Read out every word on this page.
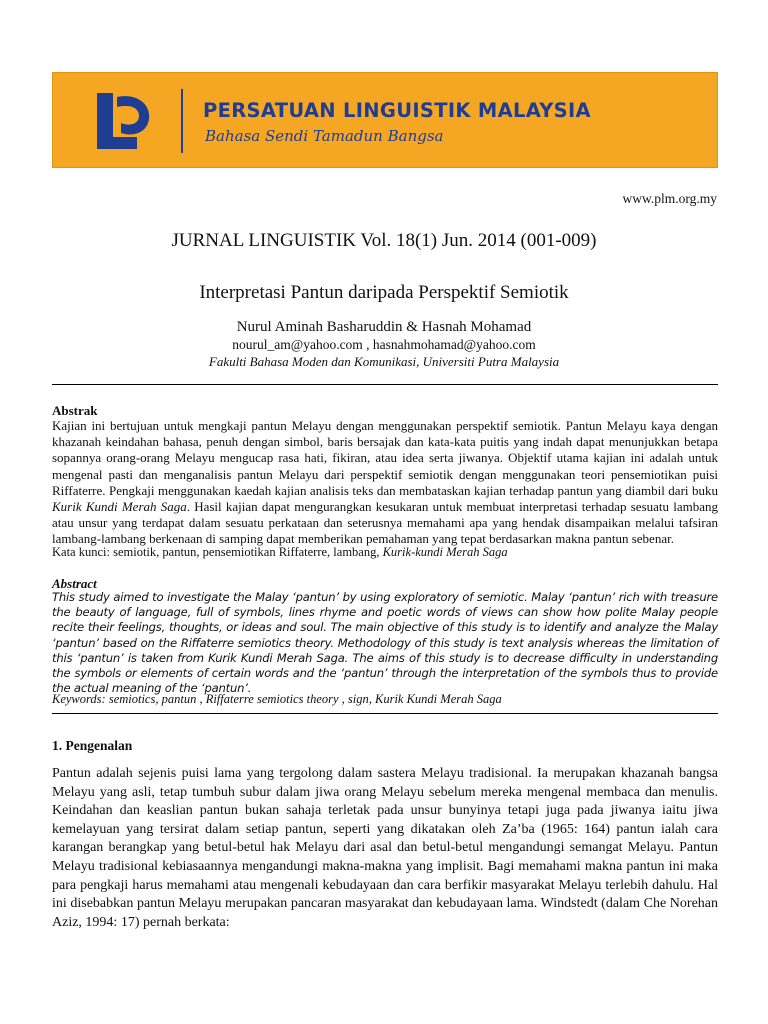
PERSATUAN LINGUISTIK MALAYSIA
Bahasa Sendi Tamadun Bangsa
www.plm.org.my
JURNAL LINGUISTIK Vol. 18(1) Jun. 2014 (001-009)
Interpretasi Pantun daripada Perspektif Semiotik
Nurul Aminah Basharuddin & Hasnah Mohamad
nourul_am@yahoo.com , hasnahmohamad@yahoo.com
Fakulti Bahasa Moden dan Komunikasi, Universiti Putra Malaysia
Abstrak

Kajian ini bertujuan untuk mengkaji pantun Melayu dengan menggunakan perspektif semiotik. Pantun Melayu kaya dengan khazanah keindahan bahasa, penuh dengan simbol, baris bersajak dan kata-kata puitis yang indah dapat menunjukkan betapa sopannya orang-orang Melayu mengucap rasa hati, fikiran, atau idea serta jiwanya. Objektif utama kajian ini adalah untuk mengenal pasti dan menganalisis pantun Melayu dari perspektif semiotik dengan menggunakan teori pensemiotikan puisi Riffaterre. Pengkaji menggunakan kaedah kajian analisis teks dan membataskan kajian terhadap pantun yang diambil dari buku Kurik Kundi Merah Saga. Hasil kajian dapat mengurangkan kesukaran untuk membuat interpretasi terhadap sesuatu lambang atau unsur yang terdapat dalam sesuatu perkataan dan seterusnya memahami apa yang hendak disampaikan melalui tafsiran lambang-lambang berkenaan di samping dapat memberikan pemahaman yang tepat berdasarkan makna pantun sebenar.

Kata kunci: semiotik, pantun, pensemiotikan Riffaterre, lambang, Kurik-kundi Merah Saga

Abstract

This study aimed to investigate the Malay ‘pantun’ by using exploratory of semiotic. Malay ‘pantun’ rich with treasure the beauty of language, full of symbols, lines rhyme and poetic words of views can show how polite Malay people recite their feelings, thoughts, or ideas and soul. The main objective of this study is to identify and analyze the Malay ‘pantun’ based on the Riffaterre semiotics theory. Methodology of this study is text analysis whereas the limitation of this ‘pantun’ is taken from Kurik Kundi Merah Saga. The aims of this study is to decrease difficulty in understanding the symbols or elements of certain words and the ‘pantun’ through the interpretation of the symbols thus to provide the actual meaning of the ‘pantun’.

Keywords: semiotics, pantun , Riffaterre semiotics theory , sign, Kurik Kundi Merah Saga

1. Pengenalan

Pantun adalah sejenis puisi lama yang tergolong dalam sastera Melayu tradisional. Ia merupakan khazanah bangsa Melayu yang asli, tetap tumbuh subur dalam jiwa orang Melayu sebelum mereka mengenal membaca dan menulis. Keindahan dan keaslian pantun bukan sahaja terletak pada unsur bunyinya tetapi juga pada jiwanya iaitu jiwa kemelayuan yang tersirat dalam setiap pantun, seperti yang dikatakan oleh Za’ba (1965: 164) pantun ialah cara karangan berangkap yang betul-betul hak Melayu dari asal dan betul-betul mengandungi semangat Melayu. Pantun Melayu tradisional kebiasaannya mengandungi makna-makna yang implisit. Bagi memahami makna pantun ini maka para pengkaji harus memahami atau mengenali kebudayaan dan cara berfikir masyarakat Melayu terlebih dahulu. Hal ini disebabkan pantun Melayu merupakan pancaran masyarakat dan kebudayaan lama. Windstedt (dalam Che Norehan Aziz, 1994: 17) pernah berkata:
